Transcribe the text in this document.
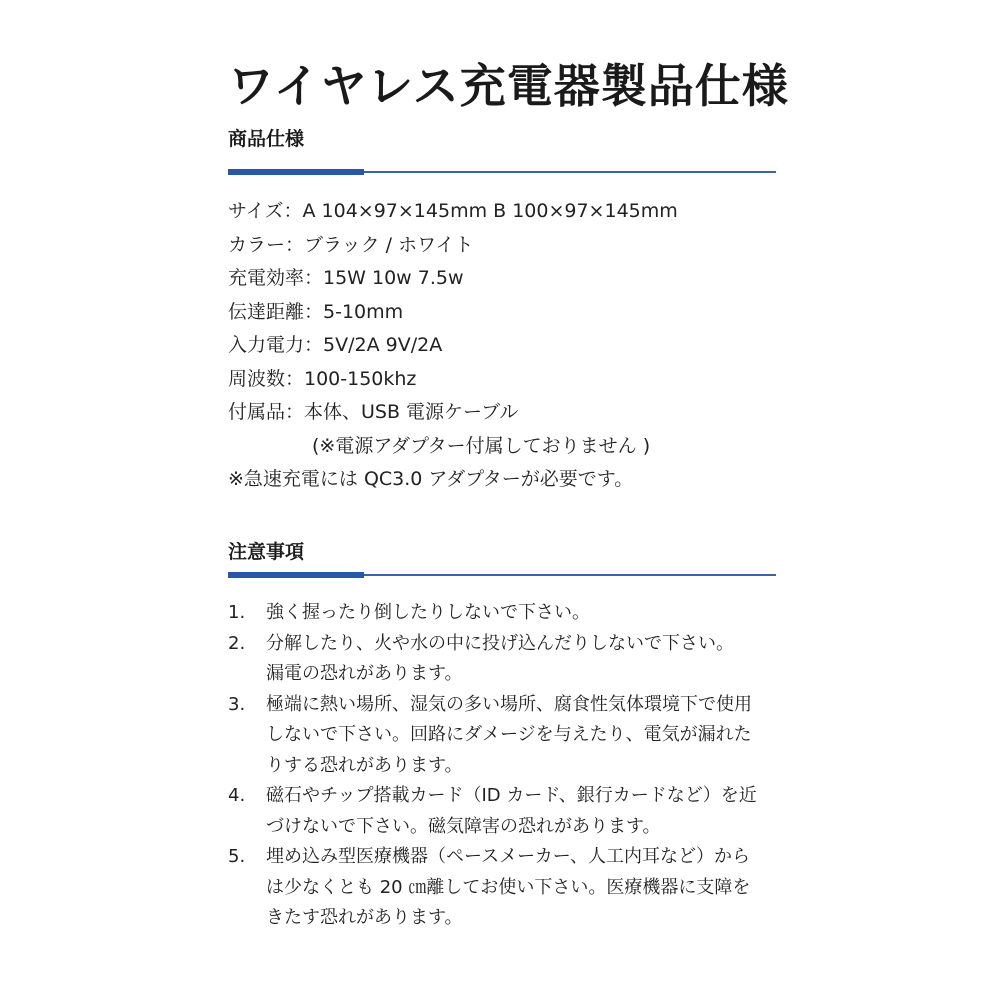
ワイヤレス充電器製品仕様
商品仕様
サイズ：A 104×97×145mm B 100×97×145mm
カラー：ブラック / ホワイト
充電効率：15W 10w 7.5w
伝達距離：5-10mm
入力電力：5V/2A 9V/2A
周波数：100-150khz
付属品：本体、USB 電源ケーブル
(※電源アダプター付属しておりません )
※急速充電には QC3.0 アダプターが必要です。
注意事項
1.	強く握ったり倒したりしないで下さい。
2.	分解したり、火や水の中に投げ込んだりしないで下さい。
漏電の恐れがあります。
3.	極端に熱い場所、湿気の多い場所、腐食性気体環境下で使用
しないで下さい。回路にダメージを与えたり、電気が漏れた
りする恐れがあります。
4.	磁石やチップ搭載カード（ID カード、銀行カードなど）を近
づけないで下さい。磁気障害の恐れがあります。
5.	埋め込み型医療機器（ペースメーカー、人工内耳など）から
は少なくとも 20 ㎝離してお使い下さい。医療機器に支障を
きたす恐れがあります。
